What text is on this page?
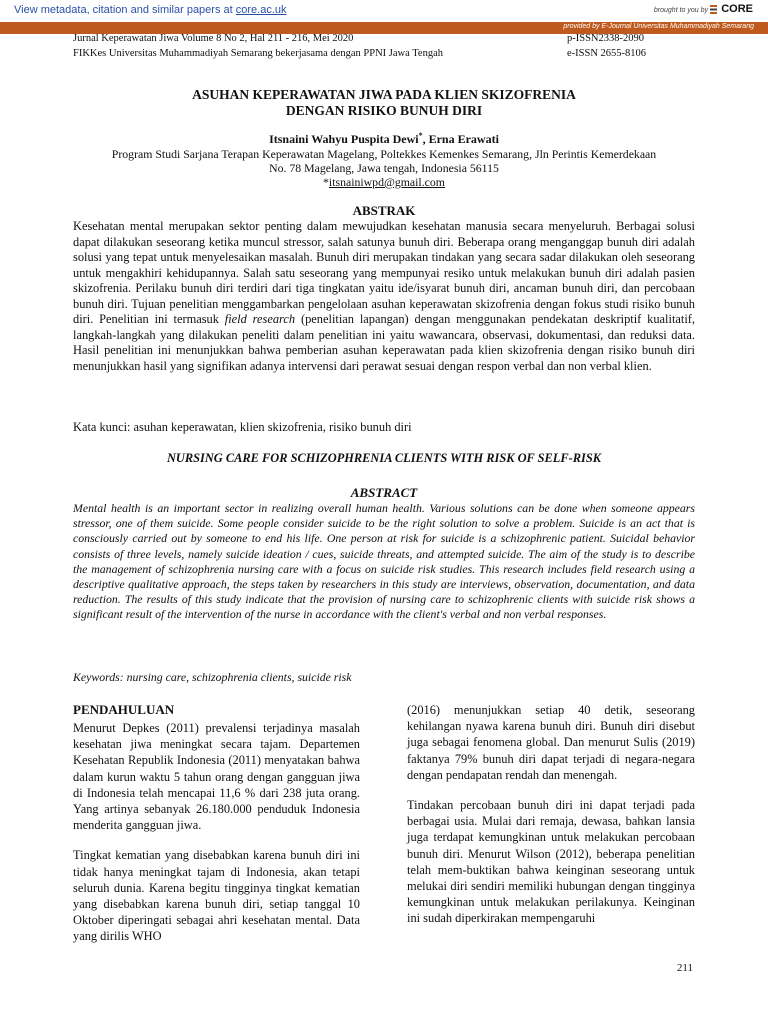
View metadata, citation and similar papers at core.ac.uk	brought to you by CORE
provided by E-Journal Universitas Muhammadiyah Semarang
Jurnal Keperawatan Jiwa Volume 8 No 2, Hal 211 - 216, Mei 2020
FIKKes Universitas Muhammadiyah Semarang bekerjasama dengan PPNI Jawa Tengah
p-ISSN2338-2090
e-ISSN 2655-8106
ASUHAN KEPERAWATAN JIWA PADA KLIEN SKIZOFRENIA
DENGAN RISIKO BUNUH DIRI
Itsnaini Wahyu Puspita Dewi*, Erna Erawati
Program Studi Sarjana Terapan Keperawatan Magelang, Poltekkes Kemenkes Semarang, Jln Perintis Kemerdekaan
No. 78 Magelang, Jawa tengah, Indonesia 56115
*itsnainiwpd@gmail.com
ABSTRAK

Kesehatan mental merupakan sektor penting dalam mewujudkan kesehatan manusia secara menyeluruh. Berbagai solusi dapat dilakukan seseorang ketika muncul stressor, salah satunya bunuh diri. Beberapa orang menganggap bunuh diri adalah solusi yang tepat untuk menyelesaikan masalah. Bunuh diri merupakan tindakan yang secara sadar dilakukan oleh seseorang untuk mengakhiri kehidupannya. Salah satu seseorang yang mempunyai resiko untuk melakukan bunuh diri adalah pasien skizofrenia. Perilaku bunuh diri terdiri dari tiga tingkatan yaitu ide/isyarat bunuh diri, ancaman bunuh diri, dan percobaan bunuh diri. Tujuan penelitian menggambarkan pengelolaan asuhan keperawatan skizofrenia dengan fokus studi risiko bunuh diri. Penelitian ini termasuk field research (penelitian lapangan) dengan menggunakan pendekatan deskriptif kualitatif, langkah-langkah yang dilakukan peneliti dalam penelitian ini yaitu wawancara, observasi, dokumentasi, dan reduksi data. Hasil penelitian ini menunjukkan bahwa pemberian asuhan keperawatan pada klien skizofrenia dengan risiko bunuh diri menunjukkan hasil yang signifikan adanya intervensi dari perawat sesuai dengan respon verbal dan non verbal klien.

Kata kunci: asuhan keperawatan, klien skizofrenia, risiko bunuh diri

NURSING CARE FOR SCHIZOPHRENIA CLIENTS WITH RISK OF SELF-RISK
ABSTRACT

Mental health is an important sector in realizing overall human health. Various solutions can be done when someone appears stressor, one of them suicide. Some people consider suicide to be the right solution to solve a problem. Suicide is an act that is consciously carried out by someone to end his life. One person at risk for suicide is a schizophrenic patient. Suicidal behavior consists of three levels, namely suicide ideation / cues, suicide threats, and attempted suicide. The aim of the study is to describe the management of schizophrenia nursing care with a focus on suicide risk studies. This research includes field research using a descriptive qualitative approach, the steps taken by researchers in this study are interviews, observation, documentation, and data reduction. The results of this study indicate that the provision of nursing care to schizophrenic clients with suicide risk shows a significant result of the intervention of the nurse in accordance with the client's verbal and non verbal responses.

Keywords: nursing care, schizophrenia clients, suicide risk

PENDAHULUAN

Menurut Depkes (2011) prevalensi terjadinya masalah kesehatan jiwa meningkat secara tajam. Departemen Kesehatan Republik Indonesia (2011) menyatakan bahwa dalam kurun waktu 5 tahun orang dengan gangguan jiwa di Indonesia telah mencapai 11,6 % dari 238 juta orang. Yang artinya sebanyak 26.180.000 penduduk Indonesia menderita gangguan jiwa.

Tingkat kematian yang disebabkan karena bunuh diri ini tidak hanya meningkat tajam di Indonesia, akan tetapi seluruh dunia. Karena begitu tingginya tingkat kematian yang disebabkan karena bunuh diri, setiap tanggal 10 Oktober diperingati sebagai ahri kesehatan mental. Data yang dirilis WHO

(2016) menunjukkan setiap 40 detik, seseorang kehilangan nyawa karena bunuh diri. Bunuh diri disebut juga sebagai fenomena global. Dan menurut Sulis (2019) faktanya 79% bunuh diri dapat terjadi di negara-negara dengan pendapatan rendah dan menengah.

Tindakan percobaan bunuh diri ini dapat terjadi pada berbagai usia. Mulai dari remaja, dewasa, bahkan lansia juga terdapat kemungkinan untuk melakukan percobaan bunuh diri. Menurut Wilson (2012), beberapa penelitian telah mem-buktikan bahwa keinginan seseorang untuk melukai diri sendiri memiliki hubungan dengan tingginya kemungkinan untuk melakukan perilakunya. Keinginan ini sudah diperkirakan mempengaruhi

211
